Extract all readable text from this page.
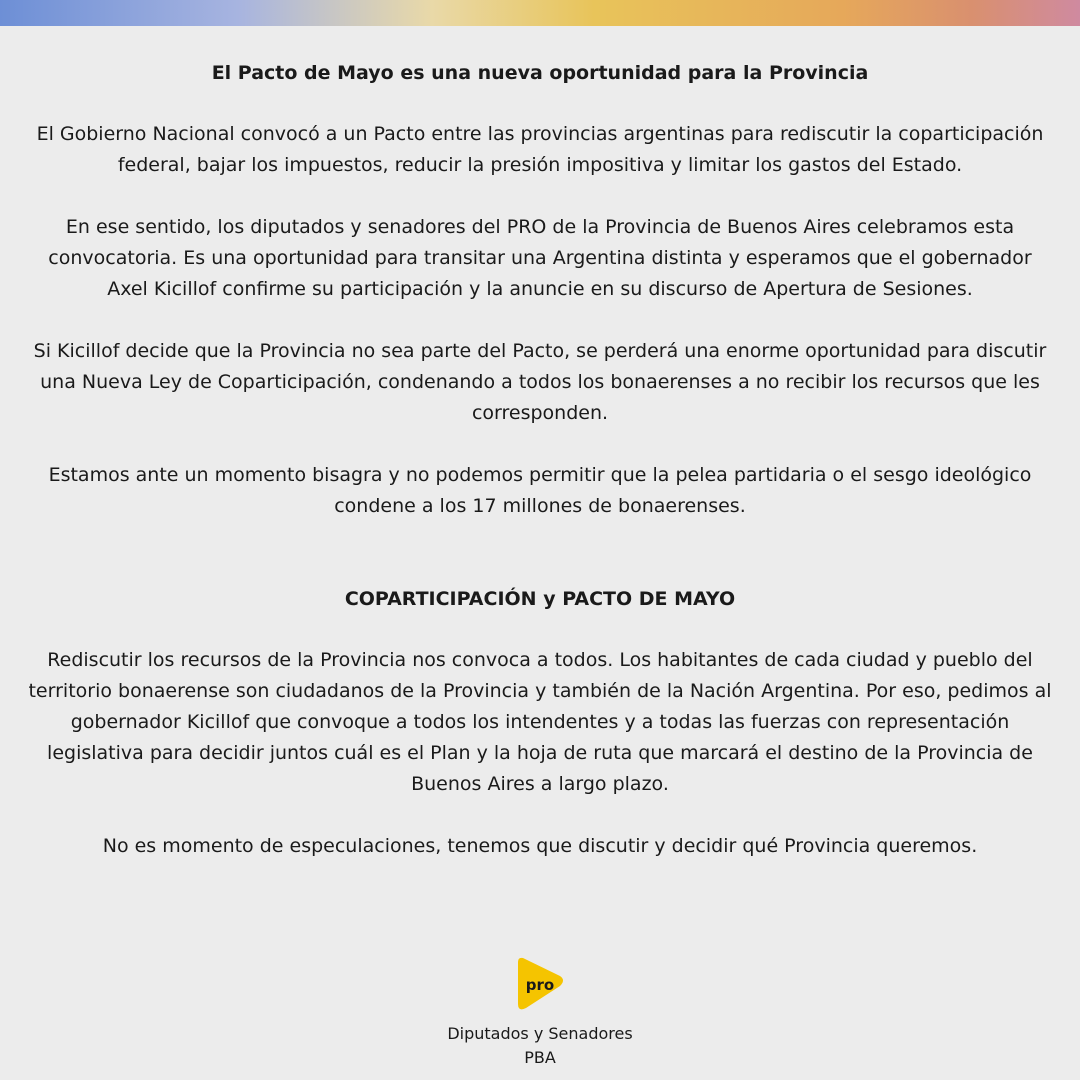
El Pacto de Mayo es una nueva oportunidad para la Provincia

El Gobierno Nacional convocó a un Pacto entre las provincias argentinas para rediscutir la coparticipación federal, bajar los impuestos, reducir la presión impositiva y limitar los gastos del Estado.

En ese sentido, los diputados y senadores del PRO de la Provincia de Buenos Aires celebramos esta convocatoria. Es una oportunidad para transitar una Argentina distinta y esperamos que el gobernador Axel Kicillof confirme su participación y la anuncie en su discurso de Apertura de Sesiones.

Si Kicillof decide que la Provincia no sea parte del Pacto, se perderá una enorme oportunidad para discutir una Nueva Ley de Coparticipación, condenando a todos los bonaerenses a no recibir los recursos que les corresponden.

Estamos ante un momento bisagra y no podemos permitir que la pelea partidaria o el sesgo ideológico condene a los 17 millones de bonaerenses.

COPARTICIPACIÓN y PACTO DE MAYO

Rediscutir los recursos de la Provincia nos convoca a todos. Los habitantes de cada ciudad y pueblo del territorio bonaerense son ciudadanos de la Provincia y también de la Nación Argentina. Por eso, pedimos al gobernador Kicillof que convoque a todos los intendentes y a todas las fuerzas con representación legislativa para decidir juntos cuál es el Plan y la hoja de ruta que marcará el destino de la Provincia de Buenos Aires a largo plazo.

No es momento de especulaciones, tenemos que discutir y decidir qué Provincia queremos.

pro
Diputados y Senadores
PBA
